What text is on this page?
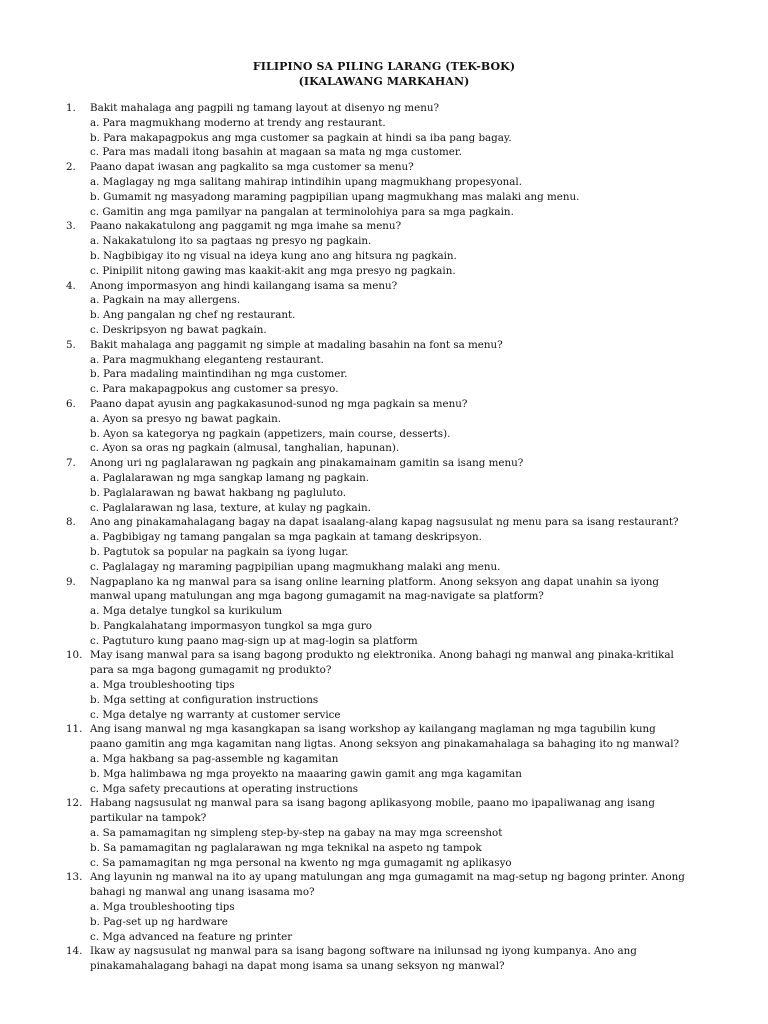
FILIPINO SA PILING LARANG (TEK-BOK)
(IKALAWANG MARKAHAN)
1. Bakit mahalaga ang pagpili ng tamang layout at disenyo ng menu?
a. Para magmukhang moderno at trendy ang restaurant.
b. Para makapagpokus ang mga customer sa pagkain at hindi sa iba pang bagay.
c. Para mas madali itong basahin at magaan sa mata ng mga customer.
2. Paano dapat iwasan ang pagkalito sa mga customer sa menu?
a. Maglagay ng mga salitang mahirap intindihin upang magmukhang propesyonal.
b. Gumamit ng masyadong maraming pagpipilian upang magmukhang mas malaki ang menu.
c. Gamitin ang mga pamilyar na pangalan at terminolohiya para sa mga pagkain.
3. Paano nakakatulong ang paggamit ng mga imahe sa menu?
a. Nakakatulong ito sa pagtaas ng presyo ng pagkain.
b. Nagbibigay ito ng visual na ideya kung ano ang hitsura ng pagkain.
c. Pinipilit nitong gawing mas kaakit-akit ang mga presyo ng pagkain.
4. Anong impormasyon ang hindi kailangang isama sa menu?
a. Pagkain na may allergens.
b. Ang pangalan ng chef ng restaurant.
c. Deskripsyon ng bawat pagkain.
5. Bakit mahalaga ang paggamit ng simple at madaling basahin na font sa menu?
a. Para magmukhang eleganteng restaurant.
b. Para madaling maintindihan ng mga customer.
c. Para makapagpokus ang customer sa presyo.
6. Paano dapat ayusin ang pagkakasunod-sunod ng mga pagkain sa menu?
a. Ayon sa presyo ng bawat pagkain.
b. Ayon sa kategorya ng pagkain (appetizers, main course, desserts).
c. Ayon sa oras ng pagkain (almusal, tanghalian, hapunan).
7. Anong uri ng paglalarawan ng pagkain ang pinakamainam gamitin sa isang menu?
a. Paglalarawan ng mga sangkap lamang ng pagkain.
b. Paglalarawan ng bawat hakbang ng pagluluto.
c. Paglalarawan ng lasa, texture, at kulay ng pagkain.
8. Ano ang pinakamahalagang bagay na dapat isaalang-alang kapag nagsusulat ng menu para sa isang restaurant?
a. Pagbibigay ng tamang pangalan sa mga pagkain at tamang deskripsyon.
b. Pagtutok sa popular na pagkain sa iyong lugar.
c. Paglalagay ng maraming pagpipilian upang magmukhang malaki ang menu.
9. Nagpaplano ka ng manwal para sa isang online learning platform. Anong seksyon ang dapat unahin sa iyong
manwal upang matulungan ang mga bagong gumagamit na mag-navigate sa platform?
a. Mga detalye tungkol sa kurikulum
b. Pangkalahatang impormasyon tungkol sa mga guro
c. Pagtuturo kung paano mag-sign up at mag-login sa platform
10. May isang manwal para sa isang bagong produkto ng elektronika. Anong bahagi ng manwal ang pinaka-kritikal
para sa mga bagong gumagamit ng produkto?
a. Mga troubleshooting tips
b. Mga setting at configuration instructions
c. Mga detalye ng warranty at customer service
11. Ang isang manwal ng mga kasangkapan sa isang workshop ay kailangang maglaman ng mga tagubilin kung
paano gamitin ang mga kagamitan nang ligtas. Anong seksyon ang pinakamahalaga sa bahaging ito ng manwal?
a. Mga hakbang sa pag-assemble ng kagamitan
b. Mga halimbawa ng mga proyekto na maaaring gawin gamit ang mga kagamitan
c. Mga safety precautions at operating instructions
12. Habang nagsusulat ng manwal para sa isang bagong aplikasyong mobile, paano mo ipapaliwanag ang isang
partikular na tampok?
a. Sa pamamagitan ng simpleng step-by-step na gabay na may mga screenshot
b. Sa pamamagitan ng paglalarawan ng mga teknikal na aspeto ng tampok
c. Sa pamamagitan ng mga personal na kwento ng mga gumagamit ng aplikasyo
13. Ang layunin ng manwal na ito ay upang matulungan ang mga gumagamit na mag-setup ng bagong printer. Anong
bahagi ng manwal ang unang isasama mo?
a. Mga troubleshooting tips
b. Pag-set up ng hardware
c. Mga advanced na feature ng printer
14. Ikaw ay nagsusulat ng manwal para sa isang bagong software na inilunsad ng iyong kumpanya. Ano ang
pinakamahalagang bahagi na dapat mong isama sa unang seksyon ng manwal?
